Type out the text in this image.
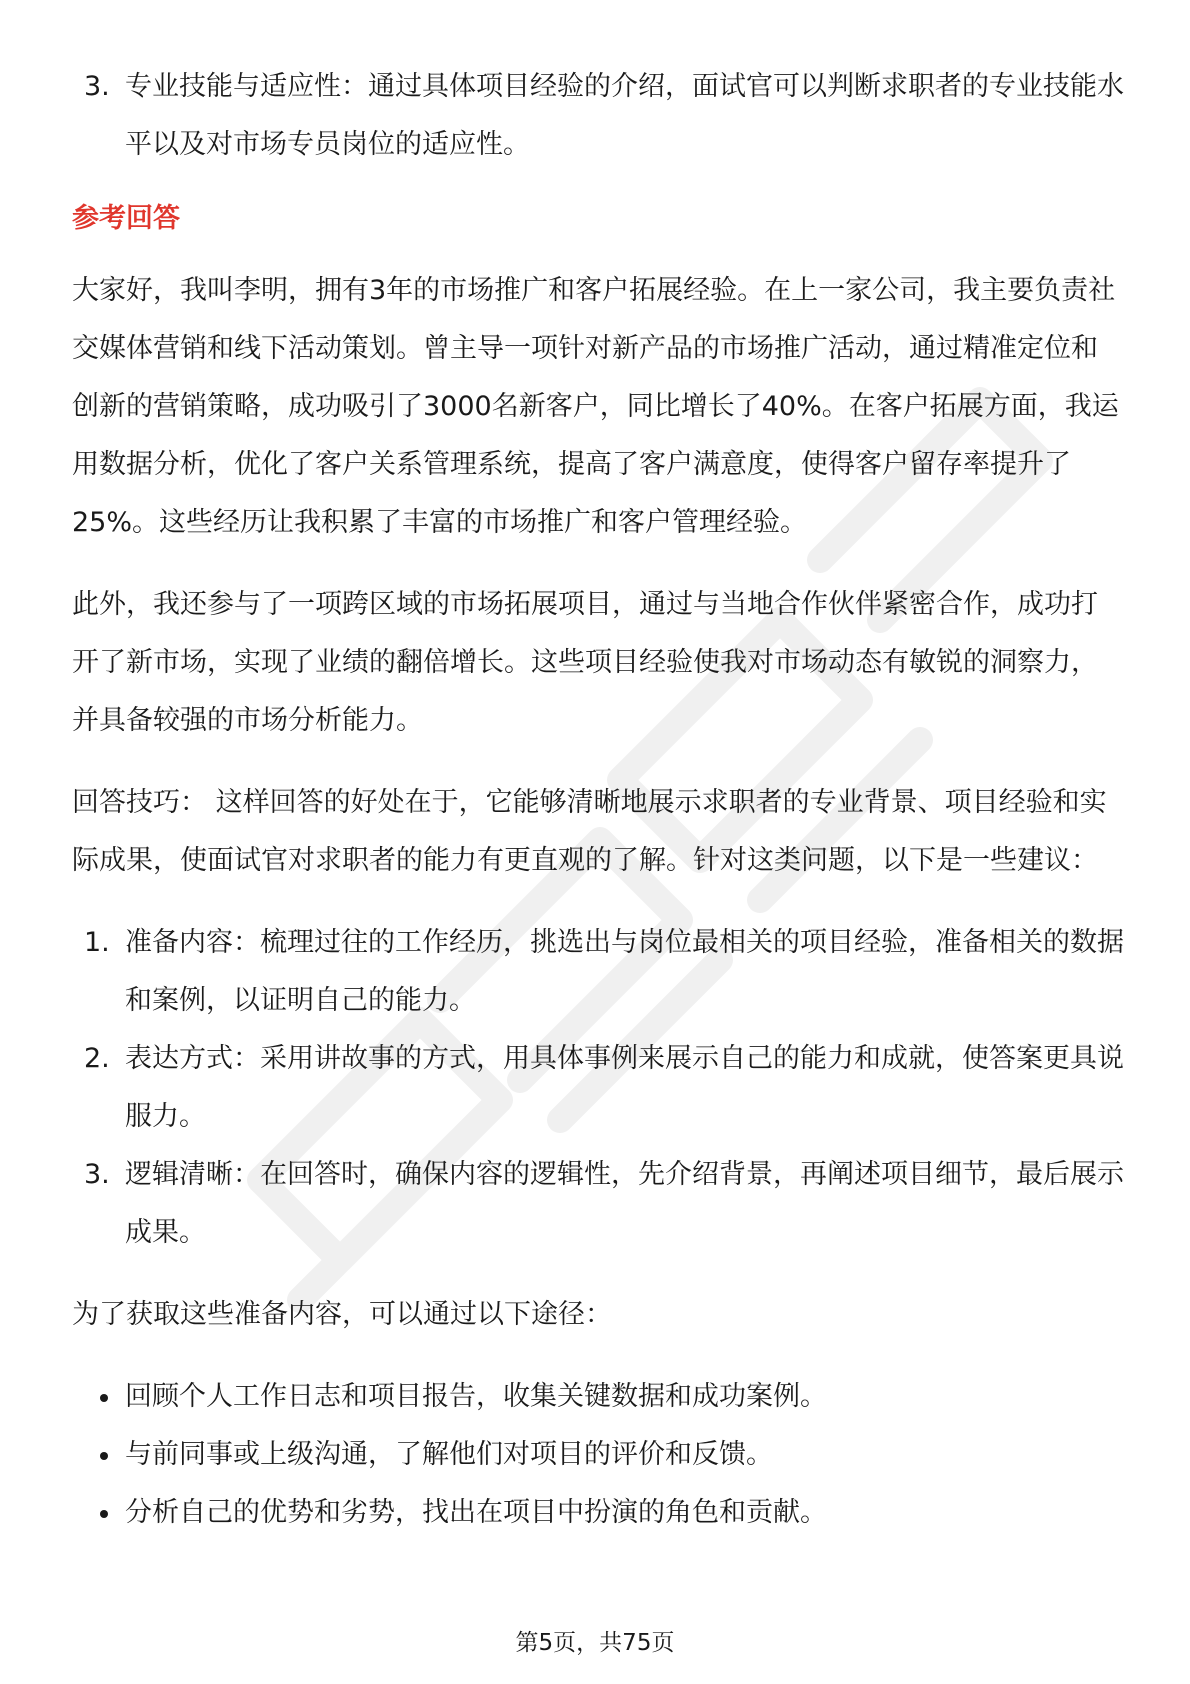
3. 专业技能与适应性：通过具体项目经验的介绍，面试官可以判断求职者的专业技能水平以及对市场专员岗位的适应性。
参考回答

大家好，我叫李明，拥有3年的市场推广和客户拓展经验。在上一家公司，我主要负责社交媒体营销和线下活动策划。曾主导一项针对新产品的市场推广活动，通过精准定位和创新的营销策略，成功吸引了3000名新客户，同比增长了40%。在客户拓展方面，我运用数据分析，优化了客户关系管理系统，提高了客户满意度，使得客户留存率提升了25%。这些经历让我积累了丰富的市场推广和客户管理经验。

此外，我还参与了一项跨区域的市场拓展项目，通过与当地合作伙伴紧密合作，成功打开了新市场，实现了业绩的翻倍增长。这些项目经验使我对市场动态有敏锐的洞察力，并具备较强的市场分析能力。

回答技巧： 这样回答的好处在于，它能够清晰地展示求职者的专业背景、项目经验和实际成果，使面试官对求职者的能力有更直观的了解。针对这类问题，以下是一些建议：

1. 准备内容：梳理过往的工作经历，挑选出与岗位最相关的项目经验，准备相关的数据和案例，以证明自己的能力。
2. 表达方式：采用讲故事的方式，用具体事例来展示自己的能力和成就，使答案更具说服力。
3. 逻辑清晰：在回答时，确保内容的逻辑性，先介绍背景，再阐述项目细节，最后展示成果。

为了获取这些准备内容，可以通过以下途径：

回顾个人工作日志和项目报告，收集关键数据和成功案例。
与前同事或上级沟通，了解他们对项目的评价和反馈。
分析自己的优势和劣势，找出在项目中扮演的角色和贡献。
第5页，共75页
